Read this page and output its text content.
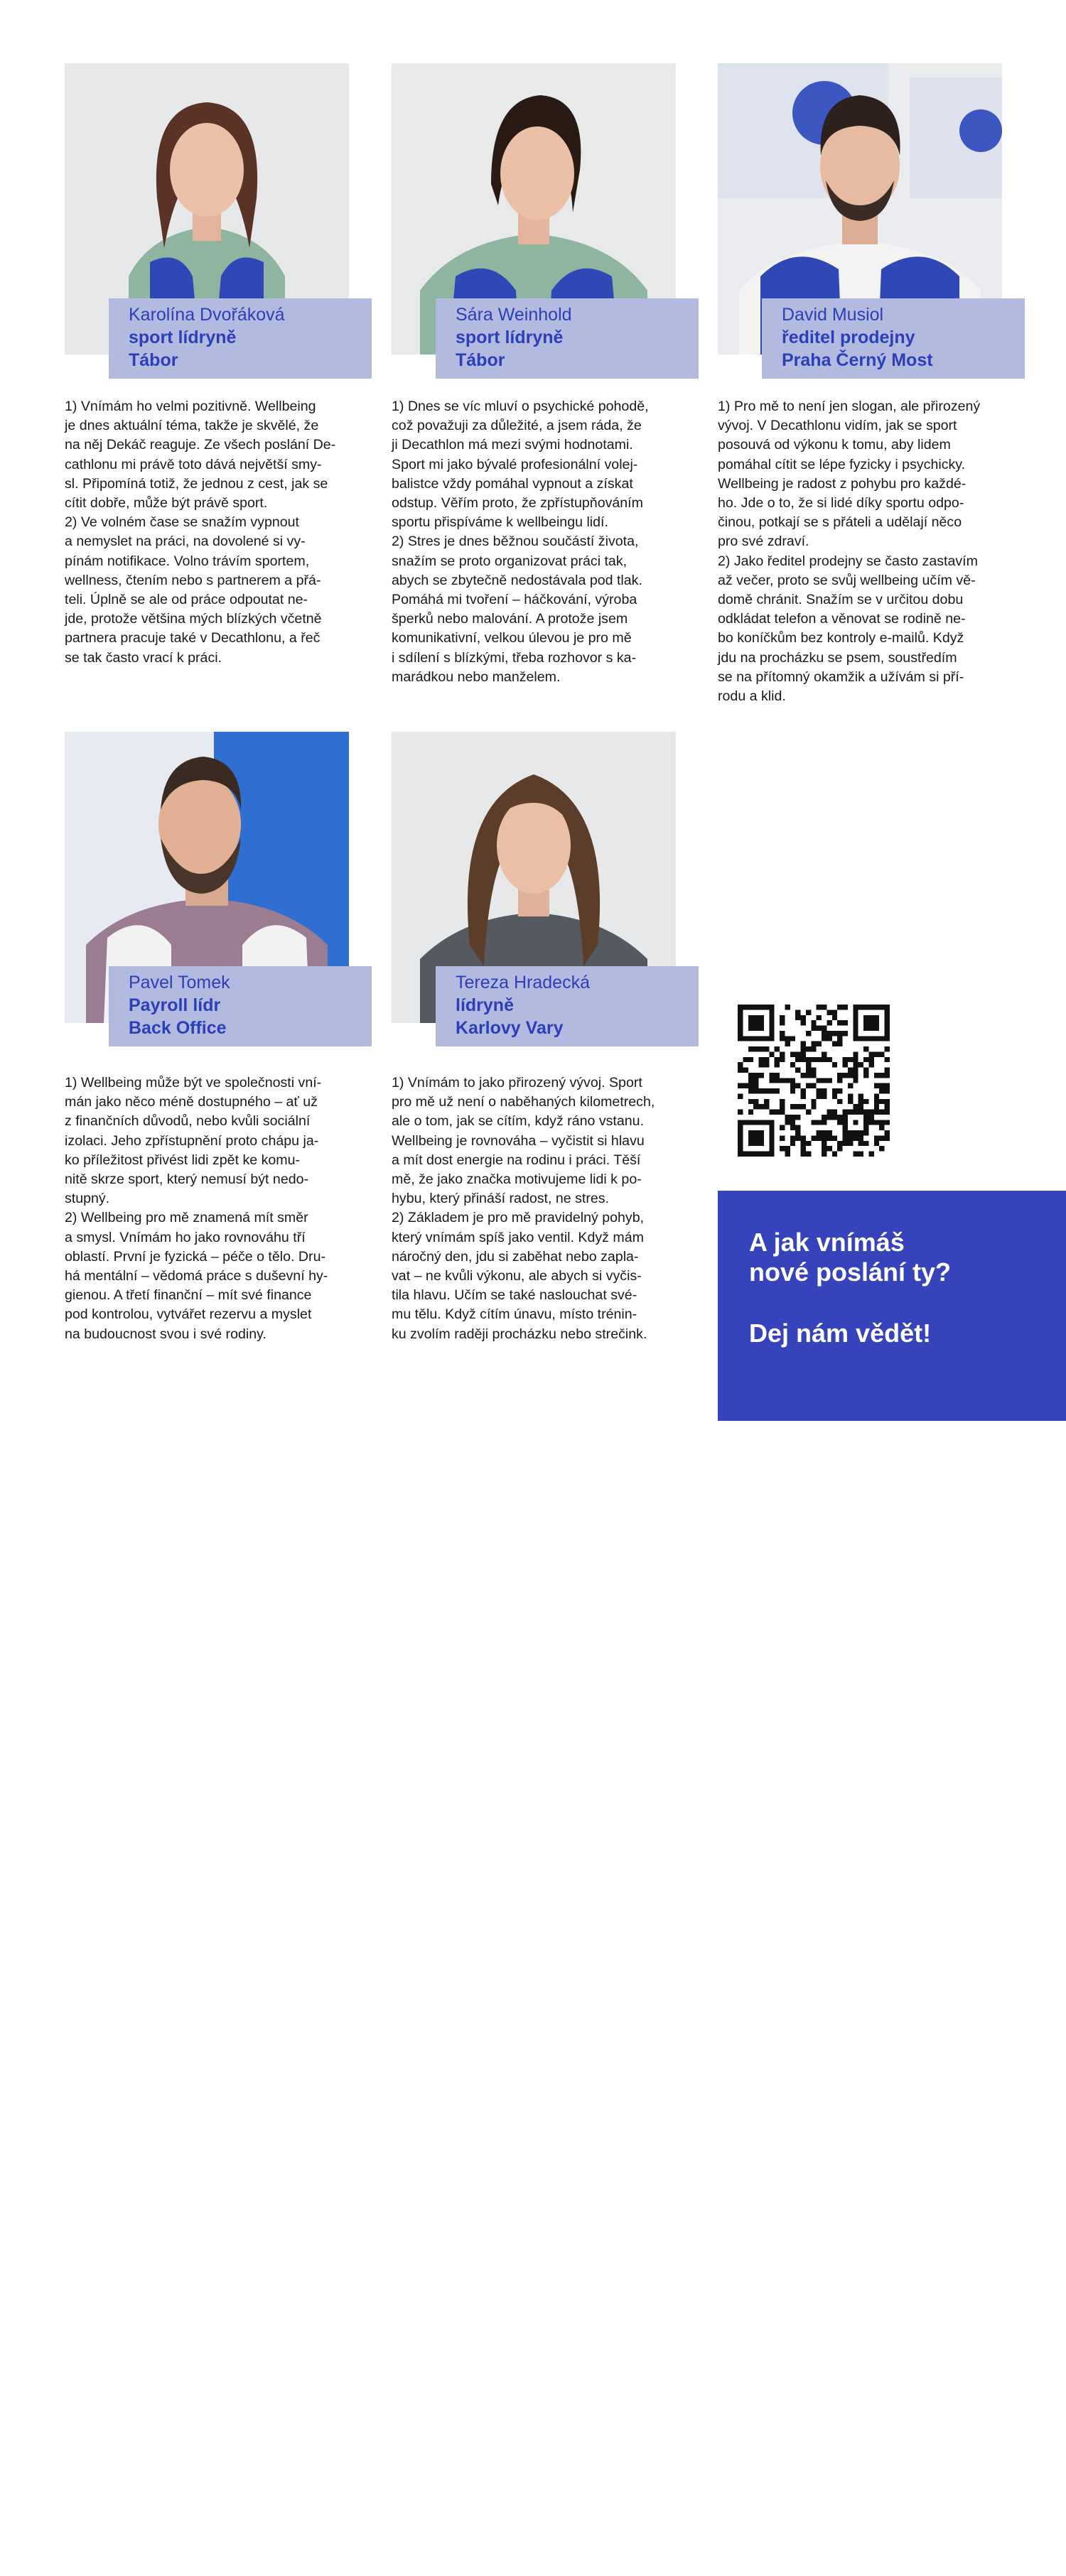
Karolína Dvořáková
sport lídryně
Tábor
Sára Weinhold
sport lídryně
Tábor
David Musiol
ředitel prodejny
Praha Černý Most
Pavel Tomek
Payroll lídr
Back Office
Tereza Hradecká
lídryně
Karlovy Vary

1) Vnímám ho velmi pozitivně. Wellbeing

je dnes aktuální téma, takže je skvělé, že

na něj Dekáč reaguje. Ze všech poslání De-

cathlonu mi právě toto dává největší smy-

sl. Připomíná totiž, že jednou z cest, jak se

cítit dobře, může být právě sport.

2) Ve volném čase se snažím vypnout

a nemyslet na práci, na dovolené si vy-

pínám notifikace. Volno trávím sportem,

wellness, čtením nebo s partnerem a přá-

teli. Úplně se ale od práce odpoutat ne-

jde, protože většina mých blízkých včetně

partnera pracuje také v Decathlonu, a řeč

se tak často vrací k práci.

1) Dnes se víc mluví o psychické pohodě,

což považuji za důležité, a jsem ráda, že

ji Decathlon má mezi svými hodnotami.

Sport mi jako bývalé profesionální volej-

balistce vždy pomáhal vypnout a získat

odstup. Věřím proto, že zpřístupňováním

sportu přispíváme k wellbeingu lidí.

2) Stres je dnes běžnou součástí života,

snažím se proto organizovat práci tak,

abych se zbytečně nedostávala pod tlak.

Pomáhá mi tvoření – háčkování, výroba

šperků nebo malování. A protože jsem

komunikativní, velkou úlevou je pro mě

i sdílení s blízkými, třeba rozhovor s ka-

marádkou nebo manželem.

1) Pro mě to není jen slogan, ale přirozený

vývoj. V Decathlonu vidím, jak se sport

posouvá od výkonu k tomu, aby lidem

pomáhal cítit se lépe fyzicky i psychicky.

Wellbeing je radost z pohybu pro každé-

ho. Jde o to, že si lidé díky sportu odpo-

činou, potkají se s přáteli a udělají něco

pro své zdraví.

2) Jako ředitel prodejny se často zastavím

až večer, proto se svůj wellbeing učím vě-

domě chránit. Snažím se v určitou dobu

odkládat telefon a věnovat se rodině ne-

bo koníčkům bez kontroly e-mailů. Když

jdu na procházku se psem, soustředím

se na přítomný okamžik a užívám si pří-

rodu a klid.

1) Wellbeing může být ve společnosti vní-

mán jako něco méně dostupného – ať už

z finančních důvodů, nebo kvůli sociální

izolaci. Jeho zpřístupnění proto chápu ja-

ko příležitost přivést lidi zpět ke komu-

nitě skrze sport, který nemusí být nedo-

stupný.

2) Wellbeing pro mě znamená mít směr

a smysl. Vnímám ho jako rovnováhu tří

oblastí. První je fyzická – péče o tělo. Dru-

há mentální – vědomá práce s duševní hy-

gienou. A třetí finanční – mít své finance

pod kontrolou, vytvářet rezervu a myslet

na budoucnost svou i své rodiny.

1) Vnímám to jako přirozený vývoj. Sport

pro mě už není o naběhaných kilometrech,

ale o tom, jak se cítím, když ráno vstanu.

Wellbeing je rovnováha – vyčistit si hlavu

a mít dost energie na rodinu i práci. Těší

mě, že jako značka motivujeme lidi k po-

hybu, který přináší radost, ne stres.

2) Základem je pro mě pravidelný pohyb,

který vnímám spíš jako ventil. Když mám

náročný den, jdu si zaběhat nebo zapla-

vat – ne kvůli výkonu, ale abych si vyčis-

tila hlavu. Učím se také naslouchat své-

mu tělu. Když cítím únavu, místo trénin-

ku zvolím raději procházku nebo strečink.

A jak vnímáš
nové poslání ty?
Dej nám vědět!
19
